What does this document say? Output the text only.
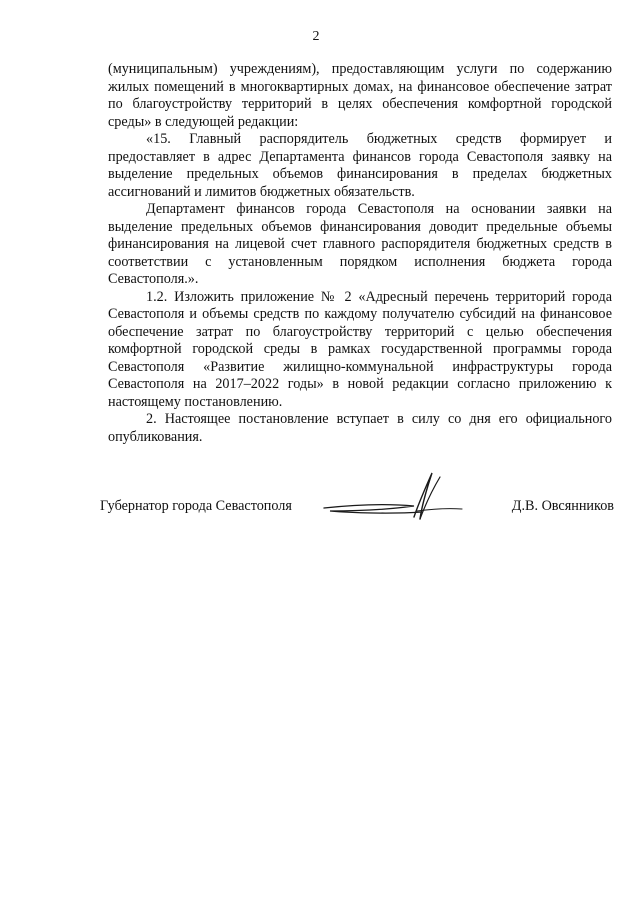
2

(муниципальным) учреждениям), предоставляющим услуги по содержанию жилых помещений в многоквартирных домах, на финансовое обеспечение затрат по благоустройству территорий в целях обеспечения комфортной городской среды» в следующей редакции:

«15. Главный распорядитель бюджетных средств формирует и предоставляет в адрес Департамента финансов города Севастополя заявку на выделение предельных объемов финансирования в пределах бюджетных ассигнований и лимитов бюджетных обязательств.

Департамент финансов города Севастополя на основании заявки на выделение предельных объемов финансирования доводит предельные объемы финансирования на лицевой счет главного распорядителя бюджетных средств в соответствии с установленным порядком исполнения бюджета города Севастополя.».

1.2. Изложить приложение № 2 «Адресный перечень территорий города Севастополя и объемы средств по каждому получателю субсидий на финансовое обеспечение затрат по благоустройству территорий с целью обеспечения комфортной городской среды в рамках государственной программы города Севастополя «Развитие жилищно-коммунальной инфраструктуры города Севастополя на 2017–2022 годы» в новой редакции согласно приложению к настоящему постановлению.

2. Настоящее постановление вступает в силу со дня его официального опубликования.

Губернатор города Севастополя	Д.В. Овсянников
